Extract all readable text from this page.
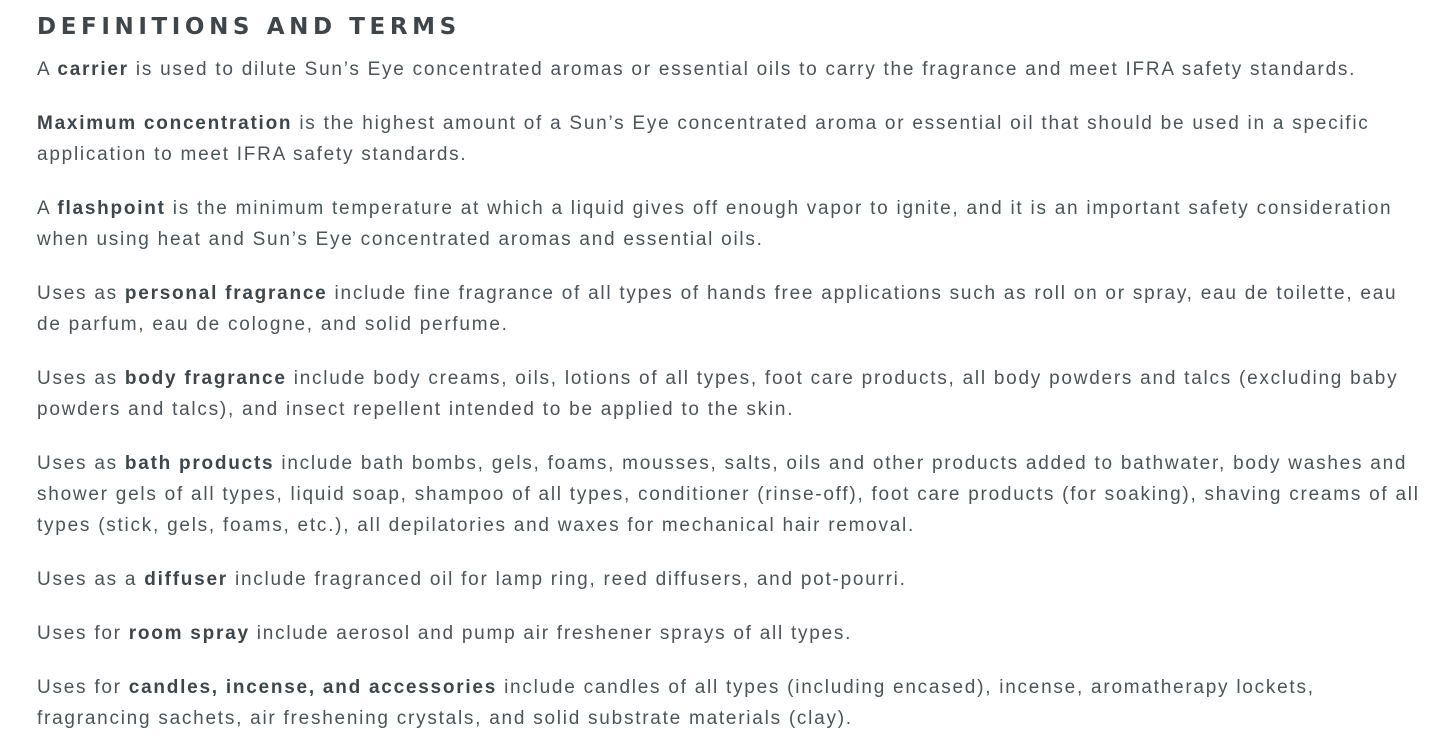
DEFINITIONS AND TERMS

A carrier is used to dilute Sun’s Eye concentrated aromas or essential oils to carry the fragrance and meet IFRA safety standards.

Maximum concentration is the highest amount of a Sun’s Eye concentrated aroma or essential oil that should be used in a specific application to meet IFRA safety standards.

A flashpoint is the minimum temperature at which a liquid gives off enough vapor to ignite, and it is an important safety consideration when using heat and Sun’s Eye concentrated aromas and essential oils.

Uses as personal fragrance include fine fragrance of all types of hands free applications such as roll on or spray, eau de toilette, eau de parfum, eau de cologne, and solid perfume.

Uses as body fragrance include body creams, oils, lotions of all types, foot care products, all body powders and talcs (excluding baby powders and talcs), and insect repellent intended to be applied to the skin.

Uses as bath products include bath bombs, gels, foams, mousses, salts, oils and other products added to bathwater, body washes and shower gels of all types, liquid soap, shampoo of all types, conditioner (rinse-off), foot care products (for soaking), shaving creams of all types (stick, gels, foams, etc.), all depilatories and waxes for mechanical hair removal.

Uses as a diffuser include fragranced oil for lamp ring, reed diffusers, and pot-pourri.

Uses for room spray include aerosol and pump air freshener sprays of all types.

Uses for candles, incense, and accessories include candles of all types (including encased), incense, aromatherapy lockets, fragrancing sachets, air freshening crystals, and solid substrate materials (clay).
